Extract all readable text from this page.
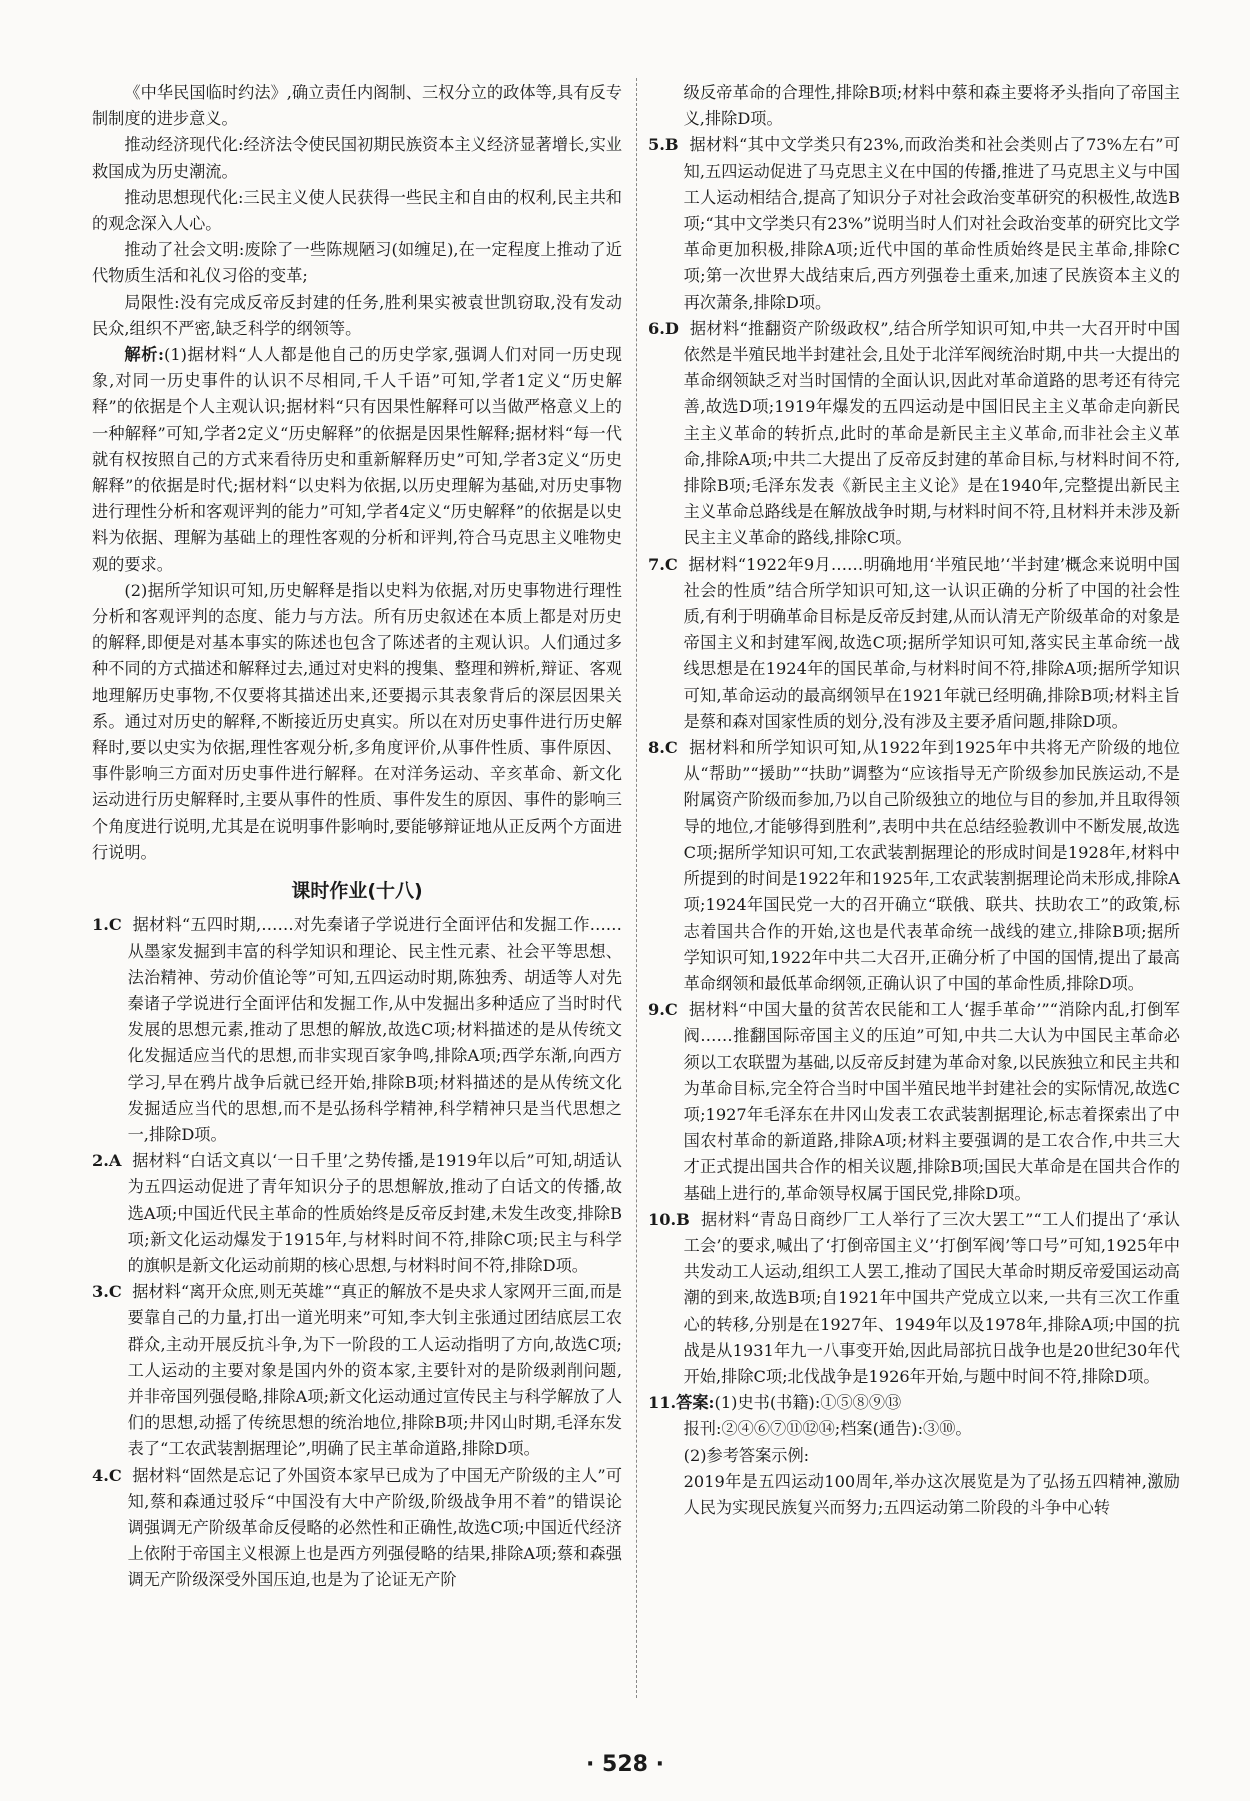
《中华民国临时约法》,确立责任内阁制、三权分立的政体等,具有反专制制度的进步意义。

推动经济现代化:经济法令使民国初期民族资本主义经济显著增长,实业救国成为历史潮流。

推动思想现代化:三民主义使人民获得一些民主和自由的权利,民主共和的观念深入人心。

推动了社会文明:废除了一些陈规陋习(如缠足),在一定程度上推动了近代物质生活和礼仪习俗的变革;

局限性:没有完成反帝反封建的任务,胜利果实被袁世凯窃取,没有发动民众,组织不严密,缺乏科学的纲领等。

解析:(1)据材料“人人都是他自己的历史学家,强调人们对同一历史现象,对同一历史事件的认识不尽相同,千人千语”可知,学者1定义“历史解释”的依据是个人主观认识;据材料“只有因果性解释可以当做严格意义上的一种解释”可知,学者2定义“历史解释”的依据是因果性解释;据材料“每一代就有权按照自己的方式来看待历史和重新解释历史”可知,学者3定义“历史解释”的依据是时代;据材料“以史料为依据,以历史理解为基础,对历史事物进行理性分析和客观评判的能力”可知,学者4定义“历史解释”的依据是以史料为依据、理解为基础上的理性客观的分析和评判,符合马克思主义唯物史观的要求。

(2)据所学知识可知,历史解释是指以史料为依据,对历史事物进行理性分析和客观评判的态度、能力与方法。所有历史叙述在本质上都是对历史的解释,即便是对基本事实的陈述也包含了陈述者的主观认识。人们通过多种不同的方式描述和解释过去,通过对史料的搜集、整理和辨析,辩证、客观地理解历史事物,不仅要将其描述出来,还要揭示其表象背后的深层因果关系。通过对历史的解释,不断接近历史真实。所以在对历史事件进行历史解释时,要以史实为依据,理性客观分析,多角度评价,从事件性质、事件原因、事件影响三方面对历史事件进行解释。在对洋务运动、辛亥革命、新文化运动进行历史解释时,主要从事件的性质、事件发生的原因、事件的影响三个角度进行说明,尤其是在说明事件影响时,要能够辩证地从正反两个方面进行说明。

课时作业(十八)

1.C 据材料“五四时期,……对先秦诸子学说进行全面评估和发掘工作……从墨家发掘到丰富的科学知识和理论、民主性元素、社会平等思想、法治精神、劳动价值论等”可知,五四运动时期,陈独秀、胡适等人对先秦诸子学说进行全面评估和发掘工作,从中发掘出多种适应了当时时代发展的思想元素,推动了思想的解放,故选C项;材料描述的是从传统文化发掘适应当代的思想,而非实现百家争鸣,排除A项;西学东渐,向西方学习,早在鸦片战争后就已经开始,排除B项;材料描述的是从传统文化发掘适应当代的思想,而不是弘扬科学精神,科学精神只是当代思想之一,排除D项。

2.A 据材料“白话文真以‘一日千里’之势传播,是1919年以后”可知,胡适认为五四运动促进了青年知识分子的思想解放,推动了白话文的传播,故选A项;中国近代民主革命的性质始终是反帝反封建,未发生改变,排除B项;新文化运动爆发于1915年,与材料时间不符,排除C项;民主与科学的旗帜是新文化运动前期的核心思想,与材料时间不符,排除D项。

3.C 据材料“离开众庶,则无英雄”“真正的解放不是央求人家网开三面,而是要靠自己的力量,打出一道光明来”可知,李大钊主张通过团结底层工农群众,主动开展反抗斗争,为下一阶段的工人运动指明了方向,故选C项;工人运动的主要对象是国内外的资本家,主要针对的是阶级剥削问题,并非帝国列强侵略,排除A项;新文化运动通过宣传民主与科学解放了人们的思想,动摇了传统思想的统治地位,排除B项;井冈山时期,毛泽东发表了“工农武装割据理论”,明确了民主革命道路,排除D项。

4.C 据材料“固然是忘记了外国资本家早已成为了中国无产阶级的主人”可知,蔡和森通过驳斥“中国没有大中产阶级,阶级战争用不着”的错误论调强调无产阶级革命反侵略的必然性和正确性,故选C项;中国近代经济上依附于帝国主义根源上也是西方列强侵略的结果,排除A项;蔡和森强调无产阶级深受外国压迫,也是为了论证无产阶

级反帝革命的合理性,排除B项;材料中蔡和森主要将矛头指向了帝国主义,排除D项。

5.B 据材料“其中文学类只有23%,而政治类和社会类则占了73%左右”可知,五四运动促进了马克思主义在中国的传播,推进了马克思主义与中国工人运动相结合,提高了知识分子对社会政治变革研究的积极性,故选B项;“其中文学类只有23%”说明当时人们对社会政治变革的研究比文学革命更加积极,排除A项;近代中国的革命性质始终是民主革命,排除C项;第一次世界大战结束后,西方列强卷土重来,加速了民族资本主义的再次萧条,排除D项。

6.D 据材料“推翻资产阶级政权”,结合所学知识可知,中共一大召开时中国依然是半殖民地半封建社会,且处于北洋军阀统治时期,中共一大提出的革命纲领缺乏对当时国情的全面认识,因此对革命道路的思考还有待完善,故选D项;1919年爆发的五四运动是中国旧民主主义革命走向新民主主义革命的转折点,此时的革命是新民主主义革命,而非社会主义革命,排除A项;中共二大提出了反帝反封建的革命目标,与材料时间不符,排除B项;毛泽东发表《新民主主义论》是在1940年,完整提出新民主主义革命总路线是在解放战争时期,与材料时间不符,且材料并未涉及新民主主义革命的路线,排除C项。

7.C 据材料“1922年9月……明确地用‘半殖民地’‘半封建’概念来说明中国社会的性质”结合所学知识可知,这一认识正确的分析了中国的社会性质,有利于明确革命目标是反帝反封建,从而认清无产阶级革命的对象是帝国主义和封建军阀,故选C项;据所学知识可知,落实民主革命统一战线思想是在1924年的国民革命,与材料时间不符,排除A项;据所学知识可知,革命运动的最高纲领早在1921年就已经明确,排除B项;材料主旨是蔡和森对国家性质的划分,没有涉及主要矛盾问题,排除D项。

8.C 据材料和所学知识可知,从1922年到1925年中共将无产阶级的地位从“帮助”“援助”“扶助”调整为“应该指导无产阶级参加民族运动,不是附属资产阶级而参加,乃以自己阶级独立的地位与目的参加,并且取得领导的地位,才能够得到胜利”,表明中共在总结经验教训中不断发展,故选C项;据所学知识可知,工农武装割据理论的形成时间是1928年,材料中所提到的时间是1922年和1925年,工农武装割据理论尚未形成,排除A项;1924年国民党一大的召开确立“联俄、联共、扶助农工”的政策,标志着国共合作的开始,这也是代表革命统一战线的建立,排除B项;据所学知识可知,1922年中共二大召开,正确分析了中国的国情,提出了最高革命纲领和最低革命纲领,正确认识了中国的革命性质,排除D项。

9.C 据材料“中国大量的贫苦农民能和工人‘握手革命’”“消除内乱,打倒军阀……推翻国际帝国主义的压迫”可知,中共二大认为中国民主革命必须以工农联盟为基础,以反帝反封建为革命对象,以民族独立和民主共和为革命目标,完全符合当时中国半殖民地半封建社会的实际情况,故选C项;1927年毛泽东在井冈山发表工农武装割据理论,标志着探索出了中国农村革命的新道路,排除A项;材料主要强调的是工农合作,中共三大才正式提出国共合作的相关议题,排除B项;国民大革命是在国共合作的基础上进行的,革命领导权属于国民党,排除D项。

10.B 据材料“青岛日商纱厂工人举行了三次大罢工”“工人们提出了‘承认工会’的要求,喊出了‘打倒帝国主义’‘打倒军阀’等口号”可知,1925年中共发动工人运动,组织工人罢工,推动了国民大革命时期反帝爱国运动高潮的到来,故选B项;自1921年中国共产党成立以来,一共有三次工作重心的转移,分别是在1927年、1949年以及1978年,排除A项;中国的抗战是从1931年九一八事变开始,因此局部抗日战争也是20世纪30年代开始,排除C项;北伐战争是1926年开始,与题中时间不符,排除D项。

11.答案:(1)史书(书籍):①⑤⑧⑨⑬

报刊:②④⑥⑦⑪⑫⑭;档案(通告):③⑩。

(2)参考答案示例:

2019年是五四运动100周年,举办这次展览是为了弘扬五四精神,激励人民为实现民族复兴而努力;五四运动第二阶段的斗争中心转

· 528 ·
